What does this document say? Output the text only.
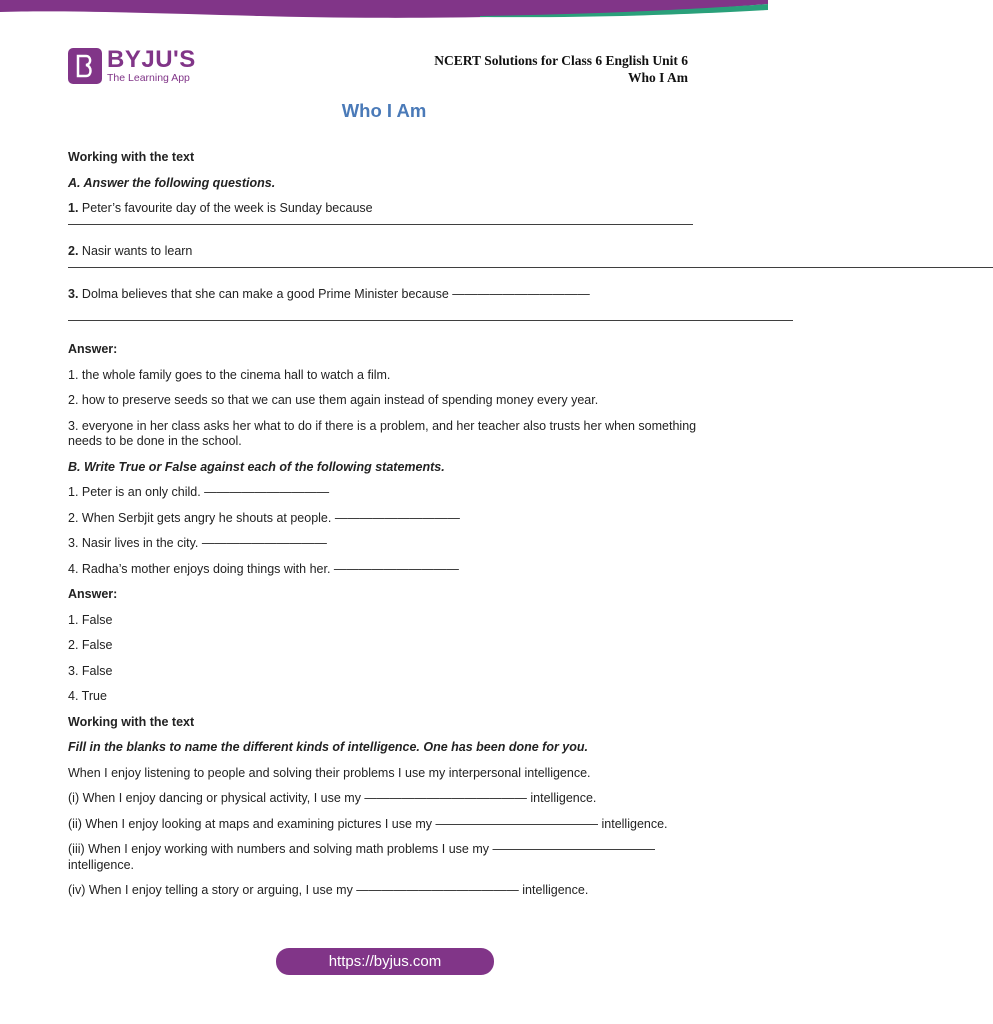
BYJU'S
The Learning App
NCERT Solutions for Class 6 English Unit 6
Who I Am
Who I Am

Working with the text

A. Answer the following questions.

1. Peter’s favourite day of the week is Sunday because ——————————————————————————————————————————————————

2. Nasir wants to learn ——————————————————————————————————————————————————————————————————————————

3. Dolma believes that she can make a good Prime Minister because ———————————

——————————————————————————————————————————————————————————

Answer:

1. the whole family goes to the cinema hall to watch a film.

2. how to preserve seeds so that we can use them again instead of spending money every year.

3. everyone in her class asks her what to do if there is a problem, and her teacher also trusts her when something needs to be done in the school.

B. Write True or False against each of the following statements.

1. Peter is an only child. ——————————

2. When Serbjit gets angry he shouts at people. ——————————

3. Nasir lives in the city. ——————————

4. Radha’s mother enjoys doing things with her. ——————————

Answer:

1. False

2. False

3. False

4. True

Working with the text

Fill in the blanks to name the different kinds of intelligence. One has been done for you.

When I enjoy listening to people and solving their problems I use my interpersonal intelligence.

(i) When I enjoy dancing or physical activity, I use my ————————————— intelligence.

(ii) When I enjoy looking at maps and examining pictures I use my ————————————— intelligence.

(iii) When I enjoy working with numbers and solving math problems I use my ————————————— intelligence.

(iv) When I enjoy telling a story or arguing, I use my ————————————— intelligence.

https://byjus.com
